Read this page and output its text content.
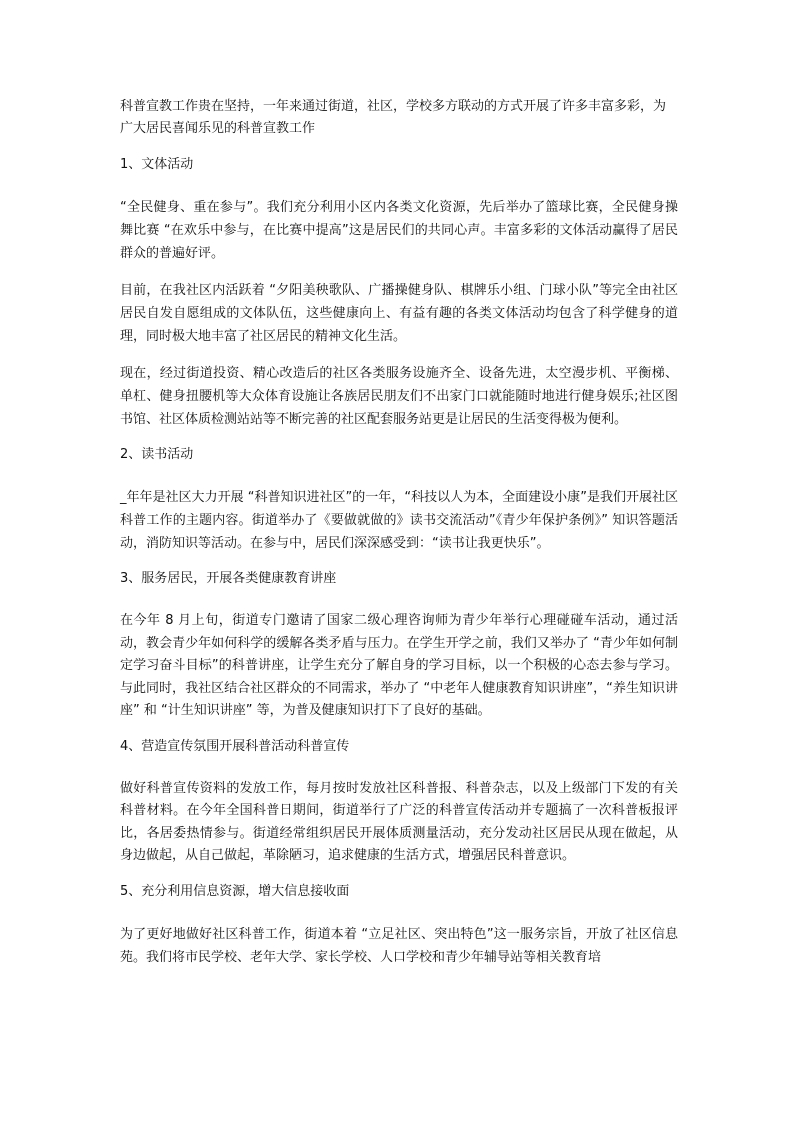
科普宣教工作贵在坚持，一年来通过街道，社区，学校多方联动的方式开展了许多丰富多彩，为广大居民喜闻乐见的科普宣教工作

1、文体活动

“全民健身、重在参与”。我们充分利用小区内各类文化资源，先后举办了篮球比赛，全民健身操舞比赛 “在欢乐中参与，在比赛中提高”这是居民们的共同心声。丰富多彩的文体活动赢得了居民群众的普遍好评。

目前，在我社区内活跃着 “夕阳美秧歌队、广播操健身队、棋牌乐小组、门球小队”等完全由社区居民自发自愿组成的文体队伍，这些健康向上、有益有趣的各类文体活动均包含了科学健身的道理，同时极大地丰富了社区居民的精神文化生活。

现在，经过街道投资、精心改造后的社区各类服务设施齐全、设备先进，太空漫步机、平衡梯、单杠、健身扭腰机等大众体育设施让各族居民朋友们不出家门口就能随时地进行健身娱乐;社区图书馆、社区体质检测站站等不断完善的社区配套服务站更是让居民的生活变得极为便利。

2、读书活动

_年年是社区大力开展 “科普知识进社区”的一年，“科技以人为本，全面建设小康”是我们开展社区科普工作的主题内容。街道举办了《要做就做的》读书交流活动”《青少年保护条例》” 知识答题活动，消防知识等活动。在参与中，居民们深深感受到：“读书让我更快乐”。

3、服务居民，开展各类健康教育讲座

在今年 8 月上旬，街道专门邀请了国家二级心理咨询师为青少年举行心理碰碰车活动，通过活动，教会青少年如何科学的缓解各类矛盾与压力。在学生开学之前，我们又举办了 “青少年如何制定学习奋斗目标”的科普讲座，让学生充分了解自身的学习目标，以一个积极的心态去参与学习。与此同时，我社区结合社区群众的不同需求，举办了 “中老年人健康教育知识讲座”，“养生知识讲座” 和 “计生知识讲座” 等，为普及健康知识打下了良好的基础。

4、营造宣传氛围开展科普活动科普宣传

做好科普宣传资料的发放工作，每月按时发放社区科普报、科普杂志，以及上级部门下发的有关科普材料。在今年全国科普日期间，街道举行了广泛的科普宣传活动并专题搞了一次科普板报评比，各居委热情参与。街道经常组织居民开展体质测量活动，充分发动社区居民从现在做起，从身边做起，从自己做起，革除陋习，追求健康的生活方式，增强居民科普意识。

5、充分利用信息资源，增大信息接收面

为了更好地做好社区科普工作，街道本着 “立足社区、突出特色”这一服务宗旨，开放了社区信息苑。我们将市民学校、老年大学、家长学校、人口学校和青少年辅导站等相关教育培
